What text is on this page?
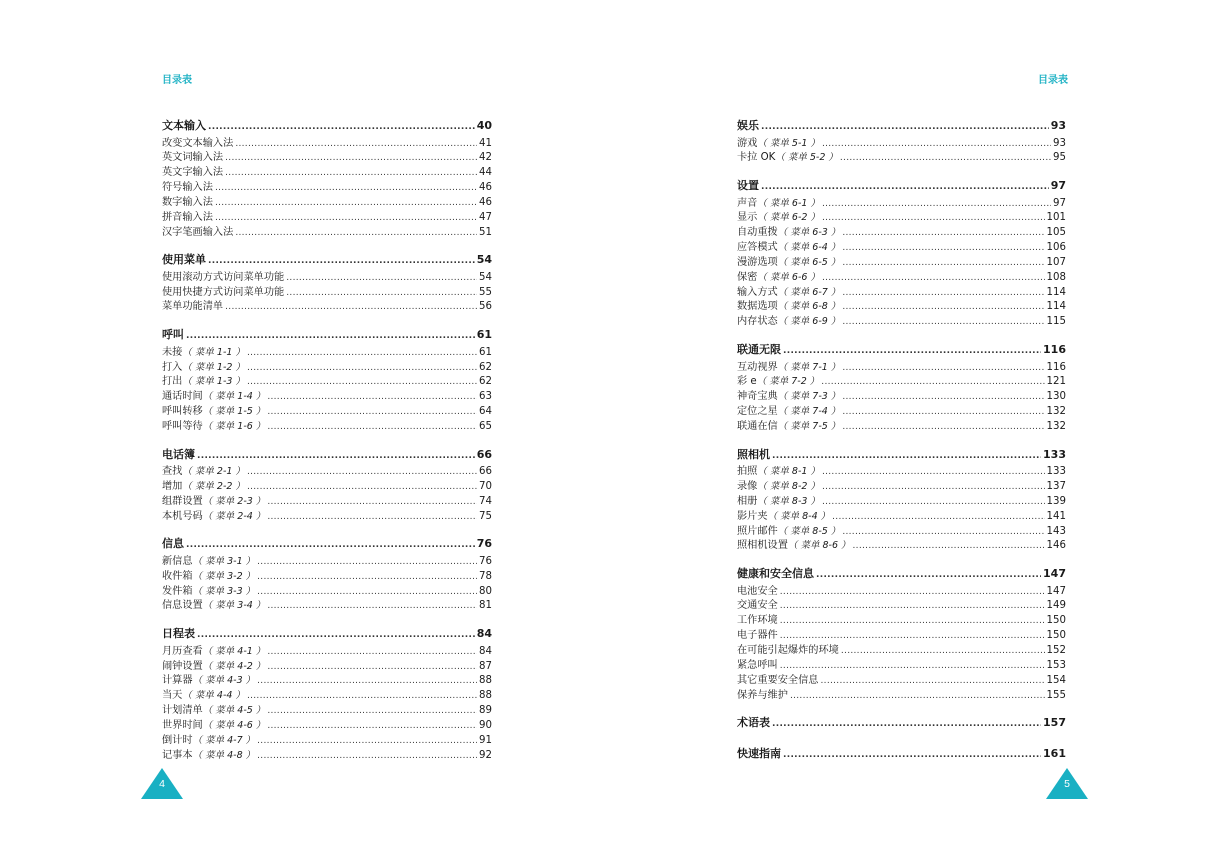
目录表
文本输入 .....	40
改变文本输入法 .....	41
英文词输入法 .....	42
英文字输入法 .....	44
符号输入法 .....	46
数字输入法 .....	46
拼音输入法 .....	47
汉字笔画输入法 .....	51
使用菜单 .....	54
使用滚动方式访问菜单功能 .....	54
使用快捷方式访问菜单功能 .....	55
菜单功能清单 .....	56
呼叫 .....	61
未接（ 菜单 1-1 ） .....	61
打入（ 菜单 1-2 ） .....	62
打出（ 菜单 1-3 ） .....	62
通话时间（ 菜单 1-4 ） .....	63
呼叫转移（ 菜单 1-5 ） .....	64
呼叫等待（ 菜单 1-6 ） .....	65
电话簿 .....	66
查找（ 菜单 2-1 ） .....	66
增加（ 菜单 2-2 ） .....	70
组群设置（ 菜单 2-3 ） .....	74
本机号码（ 菜单 2-4 ） .....	75
信息 .....	76
新信息（ 菜单 3-1 ） .....	76
收件箱（ 菜单 3-2 ） .....	78
发件箱（ 菜单 3-3 ） .....	80
信息设置（ 菜单 3-4 ） .....	81
日程表 .....	84
月历查看（ 菜单 4-1 ） .....	84
闹钟设置（ 菜单 4-2 ） .....	87
计算器（ 菜单 4-3 ） .....	88
当天（ 菜单 4-4 ） .....	88
计划清单（ 菜单 4-5 ） .....	89
世界时间（ 菜单 4-6 ） .....	90
倒计时（ 菜单 4-7 ） .....	91
记事本（ 菜单 4-8 ） .....	92
4
目录表
娱乐 .....	93
游戏（ 菜单 5-1 ） .....	93
卡拉 OK（ 菜单 5-2 ） .....	95
设置 .....	97
声音（ 菜单 6-1 ） .....	97
显示（ 菜单 6-2 ） .....	101
自动重拨（ 菜单 6-3 ） .....	105
应答模式（ 菜单 6-4 ） .....	106
漫游选项（ 菜单 6-5 ） .....	107
保密（ 菜单 6-6 ） .....	108
输入方式（ 菜单 6-7 ） .....	114
数据选项（ 菜单 6-8 ） .....	114
内存状态（ 菜单 6-9 ） .....	115
联通无限 .....	116
互动视界（ 菜单 7-1 ） .....	116
彩 e（ 菜单 7-2 ） .....	121
神奇宝典（ 菜单 7-3 ） .....	130
定位之星（ 菜单 7-4 ） .....	132
联通在信（ 菜单 7-5 ） .....	132
照相机 .....	133
拍照（ 菜单 8-1 ） .....	133
录像（ 菜单 8-2 ） .....	137
相册（ 菜单 8-3 ） .....	139
影片夹（ 菜单 8-4 ） .....	141
照片邮件（ 菜单 8-5 ） .....	143
照相机设置（ 菜单 8-6 ） .....	146
健康和安全信息 .....	147
电池安全 .....	147
交通安全 .....	149
工作环境 .....	150
电子器件 .....	150
在可能引起爆炸的环境 .....	152
紧急呼叫 .....	153
其它重要安全信息 .....	154
保养与维护 .....	155
术语表 .....	157
快速指南 .....	161
5
